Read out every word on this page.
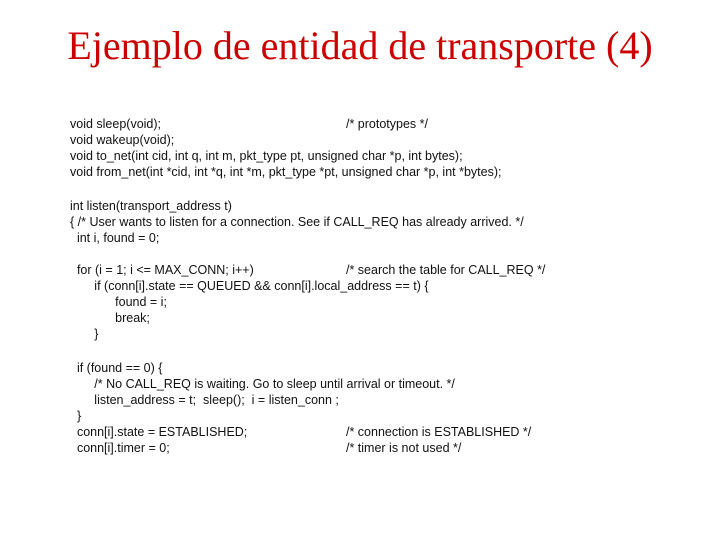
Ejemplo de entidad de transporte (4)
void sleep(void);	/* prototypes */
void wakeup(void);
void to_net(int cid, int q, int m, pkt_type pt, unsigned char *p, int bytes);
void from_net(int *cid, int *q, int *m, pkt_type *pt, unsigned char *p, int *bytes);
int listen(transport_address t)
{ /* User wants to listen for a connection. See if CALL_REQ has already arrived. */
int i, found = 0;
for (i = 1; i <= MAX_CONN; i++)	/* search the table for CALL_REQ */
if (conn[i].state == QUEUED && conn[i].local_address == t) {
found = i;
break;
}
if (found == 0) {
/* No CALL_REQ is waiting. Go to sleep until arrival or timeout. */
listen_address = t;  sleep();  i = listen_conn ;
}
conn[i].state = ESTABLISHED;	/* connection is ESTABLISHED */
conn[i].timer = 0;	/* timer is not used */
